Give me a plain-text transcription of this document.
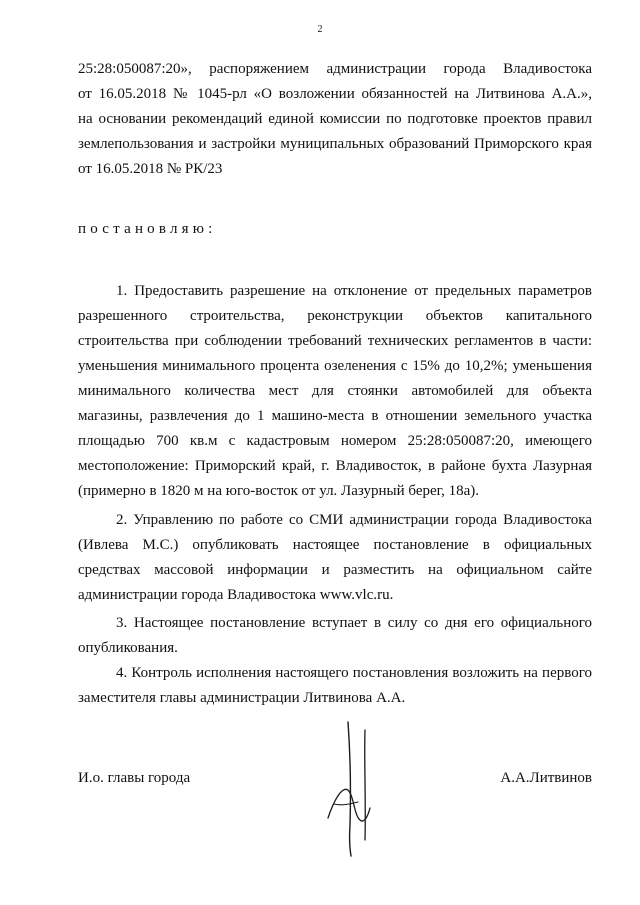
2
25:28:050087:20», распоряжением администрации города Владивостока
от 16.05.2018 № 1045-рл «О возложении обязанностей на Литвинова А.А.»,
на основании рекомендаций единой комиссии по подготовке проектов правил
землепользования и застройки муниципальных образований Приморского края
от 16.05.2018 № РК/23
постановляю:
1. Предоставить разрешение на отклонение от предельных параметров
разрешенного строительства, реконструкции объектов капитального
строительства при соблюдении требований технических регламентов в части:
уменьшения минимального процента озеленения с 15% до 10,2%; уменьшения
минимального количества мест для стоянки автомобилей для объекта
магазины, развлечения до 1 машино-места в отношении земельного участка
площадью 700 кв.м с кадастровым номером 25:28:050087:20, имеющего
местоположение: Приморский край, г. Владивосток, в районе бухта Лазурная
(примерно в 1820 м на юго-восток от ул. Лазурный берег, 18а).
2. Управлению по работе со СМИ администрации города Владивостока
(Ивлева М.С.) опубликовать настоящее постановление в официальных
средствах массовой информации и разместить на официальном сайте
администрации города Владивостока www.vlc.ru.
3. Настоящее постановление вступает в силу со дня его официального
опубликования.
4. Контроль исполнения настоящего постановления возложить на первого
заместителя главы администрации Литвинова А.А.
И.о. главы города	А.А.Литвинов
